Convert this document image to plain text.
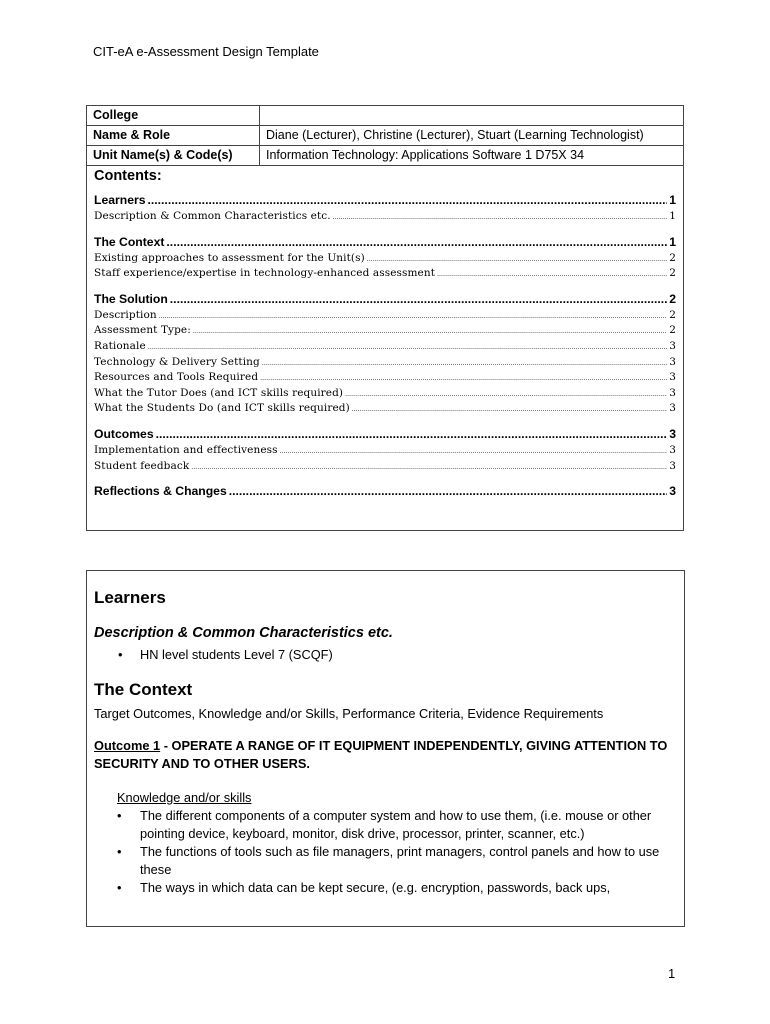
CIT-eA e-Assessment Design Template
College	
Name & Role	Diane (Lecturer), Christine (Lecturer), Stuart (Learning Technologist)
Unit Name(s) & Code(s)	Information Technology: Applications Software 1 D75X 34
Contents:
Learners .....	1
Description & Common Characteristics etc. .....	1
The Context .....	1
Existing approaches to assessment for the Unit(s) .....	2
Staff experience/expertise in technology-enhanced assessment .....	2
The Solution .....	2
Description .....	2
Assessment Type: .....	2
Rationale .....	3
Technology & Delivery Setting .....	3
Resources and Tools Required .....	3
What the Tutor Does (and ICT skills required) .....	3
What the Students Do (and ICT skills required) .....	3
Outcomes .....	3
Implementation and effectiveness .....	3
Student feedback .....	3
Reflections & Changes .....	3
Learners
Description & Common Characteristics etc.
• HN level students Level 7 (SCQF)
The Context
Target Outcomes, Knowledge and/or Skills, Performance Criteria, Evidence Requirements
Outcome 1 - OPERATE A RANGE OF IT EQUIPMENT INDEPENDENTLY, GIVING ATTENTION TO SECURITY AND TO OTHER USERS.
Knowledge and/or skills
• The different components of a computer system and how to use them, (i.e. mouse or other pointing device, keyboard, monitor, disk drive, processor, printer, scanner, etc.)
• The functions of tools such as file managers, print managers, control panels and how to use these
• The ways in which data can be kept secure, (e.g. encryption, passwords, back ups,
1
